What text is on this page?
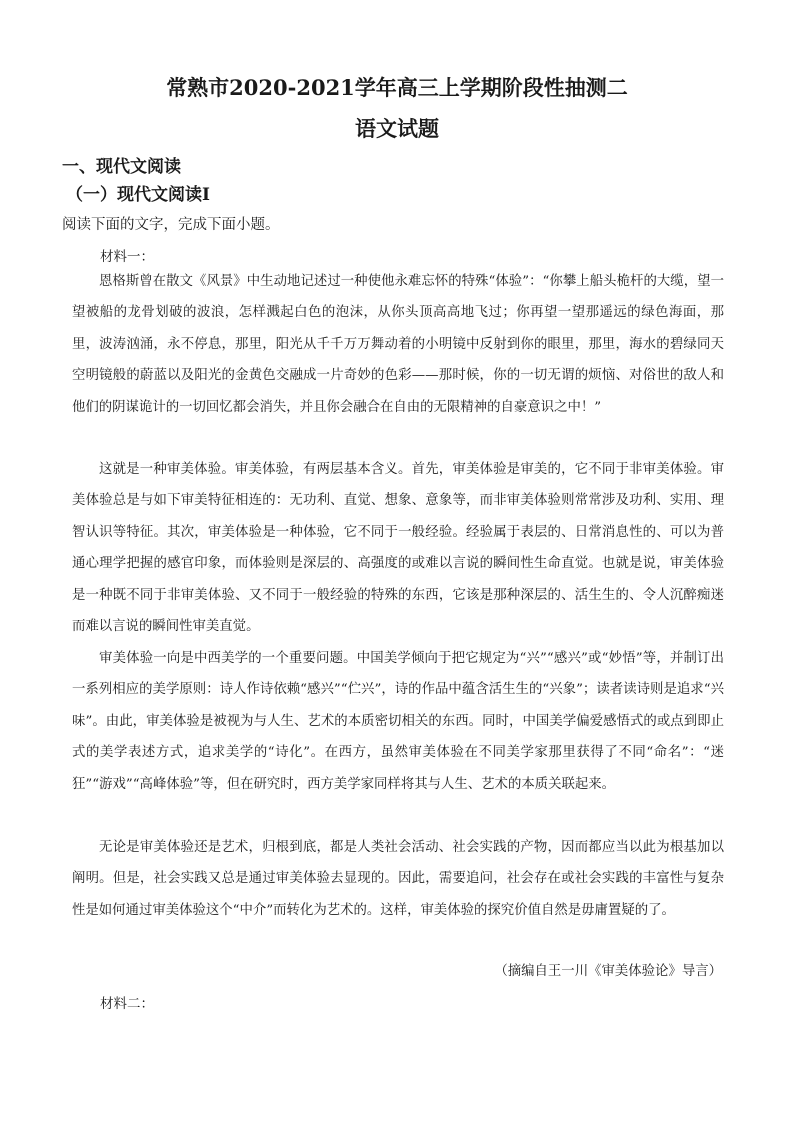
常熟市2020-2021学年高三上学期阶段性抽测二
语文试题
一、现代文阅读
（一）现代文阅读Ⅰ
阅读下面的文字，完成下面小题。
材料一：

恩格斯曾在散文《风景》中生动地记述过一种使他永难忘怀的特殊“体验”：“你攀上船头桅杆的大缆，望一望被船的龙骨划破的波浪，怎样溅起白色的泡沫，从你头顶高高地飞过；你再望一望那遥远的绿色海面，那里，波涛汹涌，永不停息，那里，阳光从千千万万舞动着的小明镜中反射到你的眼里，那里，海水的碧绿同天空明镜般的蔚蓝以及阳光的金黄色交融成一片奇妙的色彩——那时候，你的一切无谓的烦恼、对俗世的敌人和他们的阴谋诡计的一切回忆都会消失，并且你会融合在自由的无限精神的自豪意识之中！”

这就是一种审美体验。审美体验，有两层基本含义。首先，审美体验是审美的，它不同于非审美体验。审美体验总是与如下审美特征相连的：无功利、直觉、想象、意象等，而非审美体验则常常涉及功利、实用、理智认识等特征。其次，审美体验是一种体验，它不同于一般经验。经验属于表层的、日常消息性的、可以为普通心理学把握的感官印象，而体验则是深层的、高强度的或难以言说的瞬间性生命直觉。也就是说，审美体验是一种既不同于非审美体验、又不同于一般经验的特殊的东西，它该是那种深层的、活生生的、令人沉醉痴迷而难以言说的瞬间性审美直觉。

审美体验一向是中西美学的一个重要问题。中国美学倾向于把它规定为“兴”“感兴”或“妙悟”等，并制订出一系列相应的美学原则：诗人作诗依赖“感兴”“伫兴”，诗的作品中蕴含活生生的“兴象”；读者读诗则是追求“兴味”。由此，审美体验是被视为与人生、艺术的本质密切相关的东西。同时，中国美学偏爱感悟式的或点到即止式的美学表述方式，追求美学的“诗化”。在西方，虽然审美体验在不同美学家那里获得了不同“命名”：“迷狂”“游戏”“高峰体验”等，但在研究时，西方美学家同样将其与人生、艺术的本质关联起来。

无论是审美体验还是艺术，归根到底，都是人类社会活动、社会实践的产物，因而都应当以此为根基加以阐明。但是，社会实践又总是通过审美体验去显现的。因此，需要追问，社会存在或社会实践的丰富性与复杂性是如何通过审美体验这个“中介”而转化为艺术的。这样，审美体验的探究价值自然是毋庸置疑的了。

（摘编自王一川《审美体验论》导言）
材料二：
